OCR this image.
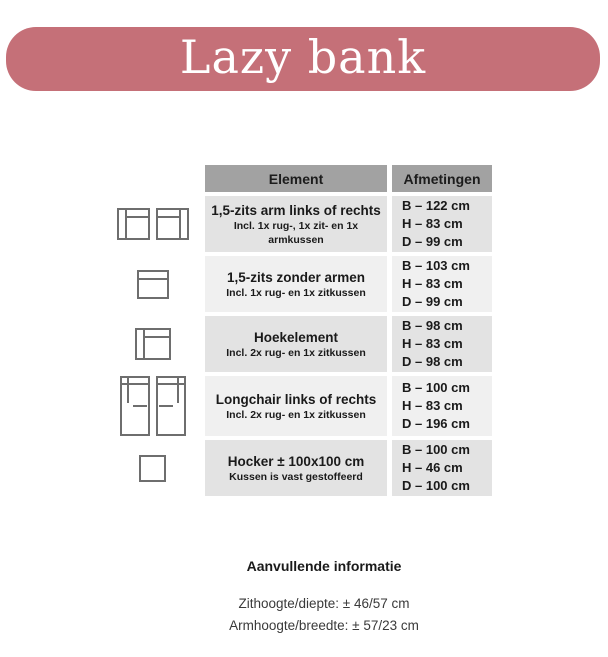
Lazy bank
Element	Afmetingen
1,5-zits arm links of rechts
Incl. 1x rug-, 1x zit- en 1x armkussen
B – 122 cm
H – 83 cm
D – 99 cm
1,5-zits zonder armen
Incl. 1x rug- en 1x zitkussen
B – 103 cm
H – 83 cm
D – 99 cm
Hoekelement
Incl. 2x rug- en 1x zitkussen
B – 98 cm
H – 83 cm
D – 98 cm
Longchair links of rechts
Incl. 2x rug- en 1x zitkussen
B – 100 cm
H – 83 cm
D – 196 cm
Hocker ± 100x100 cm
Kussen is vast gestoffeerd
B – 100 cm
H – 46 cm
D – 100 cm
Aanvullende informatie
Zithoogte/diepte: ± 46/57 cm
Armhoogte/breedte: ± 57/23 cm
